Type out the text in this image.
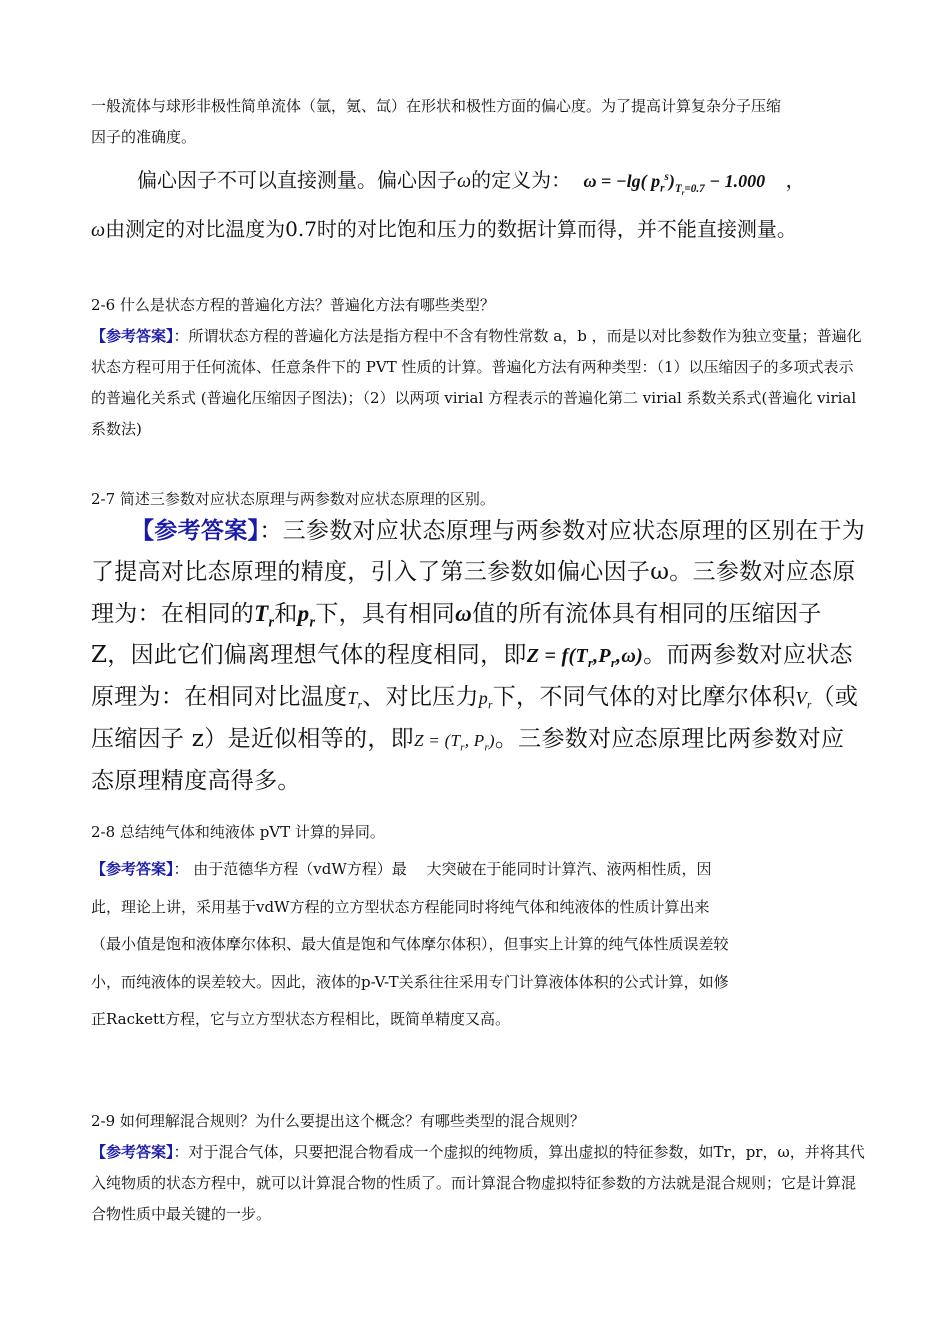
一般流体与球形非极性简单流体（氩，氪、氙）在形状和极性方面的偏心度。为了提高计算复杂分子压缩
因子的准确度。
偏心因子不可以直接测量。偏心因子ω的定义为： ω = −lg( $p_r^s)_{T_r=0.7} - 1.000$ ，
ω由测定的对比温度为0.7时的对比饱和压力的数据计算而得，并不能直接测量。
2-6 什么是状态方程的普遍化方法？普遍化方法有哪些类型？
【参考答案】：所谓状态方程的普遍化方法是指方程中不含有物性常数 a，b ，而是以对比参数作为独立变量；普遍化状态方程可用于任何流体、任意条件下的 PVT 性质的计算。普遍化方法有两种类型：（1）以压缩因子的多项式表示的普遍化关系式 (普遍化压缩因子图法)；（2）以两项 virial 方程表示的普遍化第二 virial 系数关系式(普遍化 virial 系数法)
2-7 简述三参数对应状态原理与两参数对应状态原理的区别。
【参考答案】：三参数对应状态原理与两参数对应状态原理的区别在于为了提高对比态原理的精度，引入了第三参数如偏心因子ω。三参数对应态原理为：在相同的$T_r$和$p_r$下，具有相同ω值的所有流体具有相同的压缩因子 Z，因此它们偏离理想气体的程度相同，即$Z = f(T_r,P_r,\omega)$。而两参数对应状态原理为：在相同对比温度$T_r$、对比压力$p_r$下，不同气体的对比摩尔体积$V_r$（或压缩因子 z）是近似相等的，即$Z = (T_r$, $P_r$)。三参数对应态原理比两参数对应态原理精度高得多。
2-8 总结纯气体和纯液体 pVT 计算的异同。
【参考答案】： 由于范德华方程（vdW方程）最　 大突破在于能同时计算汽、液两相性质，因此，理论上讲，采用基于vdW方程的立方型状态方程能同时将纯气体和纯液体的性质计算出来（最小值是饱和液体摩尔体积、最大值是饱和气体摩尔体积），但事实上计算的纯气体性质误差较小，而纯液体的误差较大。因此，液体的p-V-T关系往往采用专门计算液体体积的公式计算，如修正Rackett方程，它与立方型状态方程相比，既简单精度又高。
2-9 如何理解混合规则？为什么要提出这个概念？有哪些类型的混合规则？
【参考答案】：对于混合气体，只要把混合物看成一个虚拟的纯物质，算出虚拟的特征参数，如Tr，pr，ω，并将其代入纯物质的状态方程中，就可以计算混合物的性质了。而计算混合物虚拟特征参数的方法就是混合规则；它是计算混合物性质中最关键的一步。
